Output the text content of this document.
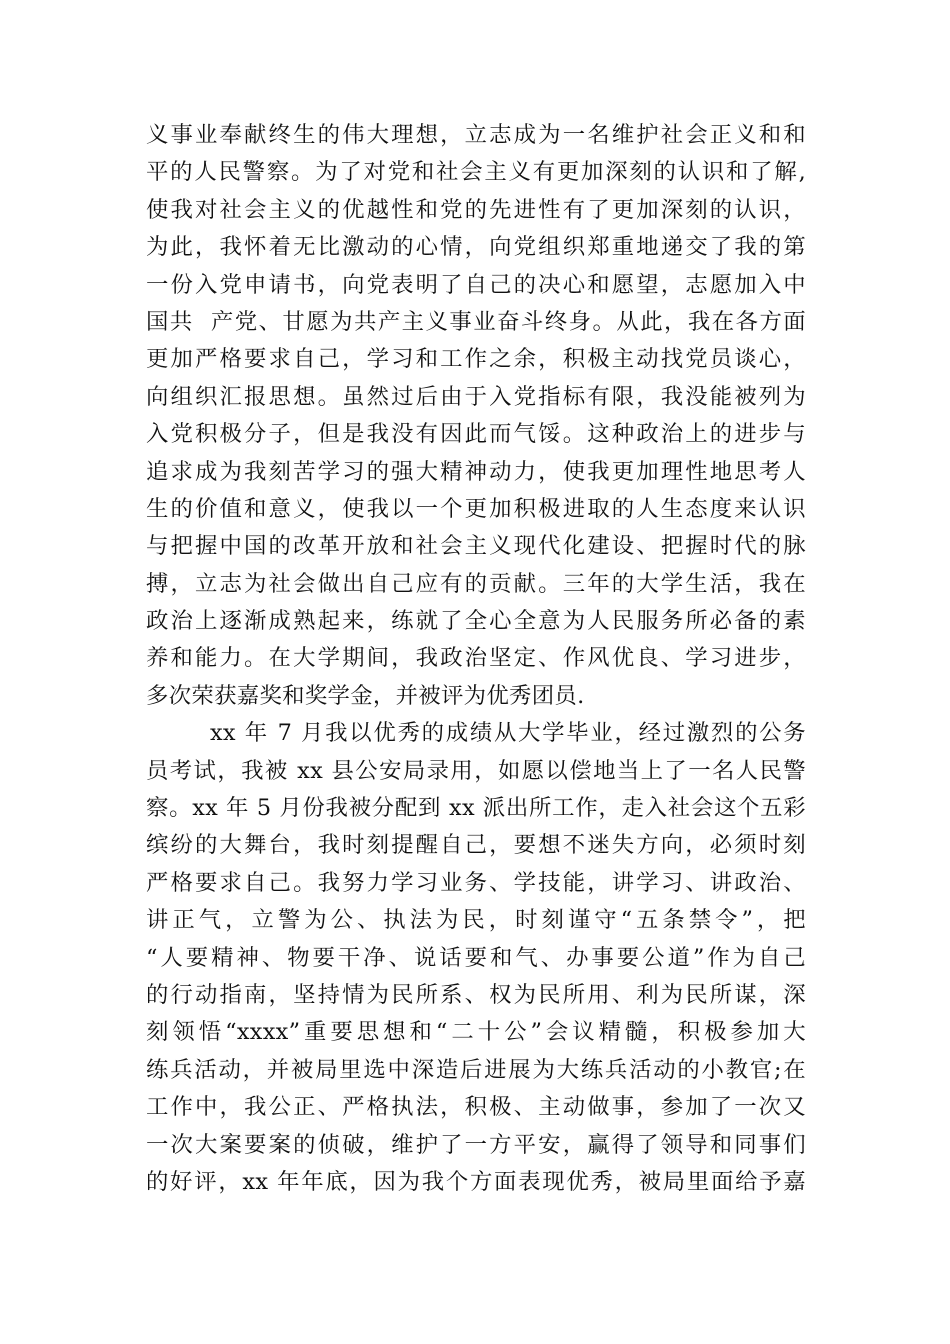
义事业奉献终生的伟大理想，立志成为一名维护社会正义和和
平的人民警察。为了对党和社会主义有更加深刻的认识和了解,
使我对社会主义的优越性和党的先进性有了更加深刻的认识，
为此，我怀着无比激动的心情，向党组织郑重地递交了我的第
一份入党申请书，向党表明了自己的决心和愿望，志愿加入中
国共  产党、甘愿为共产主义事业奋斗终身。从此，我在各方面
更加严格要求自己，学习和工作之余，积极主动找党员谈心，
向组织汇报思想。虽然过后由于入党指标有限，我没能被列为
入党积极分子，但是我没有因此而气馁。这种政治上的进步与
追求成为我刻苦学习的强大精神动力，使我更加理性地思考人
生的价值和意义，使我以一个更加积极进取的人生态度来认识
与把握中国的改革开放和社会主义现代化建设、把握时代的脉
搏，立志为社会做出自己应有的贡献。三年的大学生活，我在
政治上逐渐成熟起来，练就了全心全意为人民服务所必备的素
养和能力。在大学期间，我政治坚定、作风优良、学习进步，
多次荣获嘉奖和奖学金，并被评为优秀团员.
xx 年 7 月我以优秀的成绩从大学毕业，经过激烈的公务
员考试，我被 xx 县公安局录用，如愿以偿地当上了一名人民警
察。xx 年 5 月份我被分配到 xx 派出所工作，走入社会这个五彩
缤纷的大舞台，我时刻提醒自己，要想不迷失方向，必须时刻
严格要求自己。我努力学习业务、学技能，讲学习、讲政治、
讲正气，立警为公、执法为民，时刻谨守“五条禁令”，把
“人要精神、物要干净、说话要和气、办事要公道”作为自己
的行动指南，坚持情为民所系、权为民所用、利为民所谋，深
刻领悟“xxxx”重要思想和“二十公”会议精髓，积极参加大
练兵活动，并被局里选中深造后进展为大练兵活动的小教官;在
工作中，我公正、严格执法，积极、主动做事，参加了一次又
一次大案要案的侦破，维护了一方平安，赢得了领导和同事们
的好评，xx 年年底，因为我个方面表现优秀，被局里面给予嘉
